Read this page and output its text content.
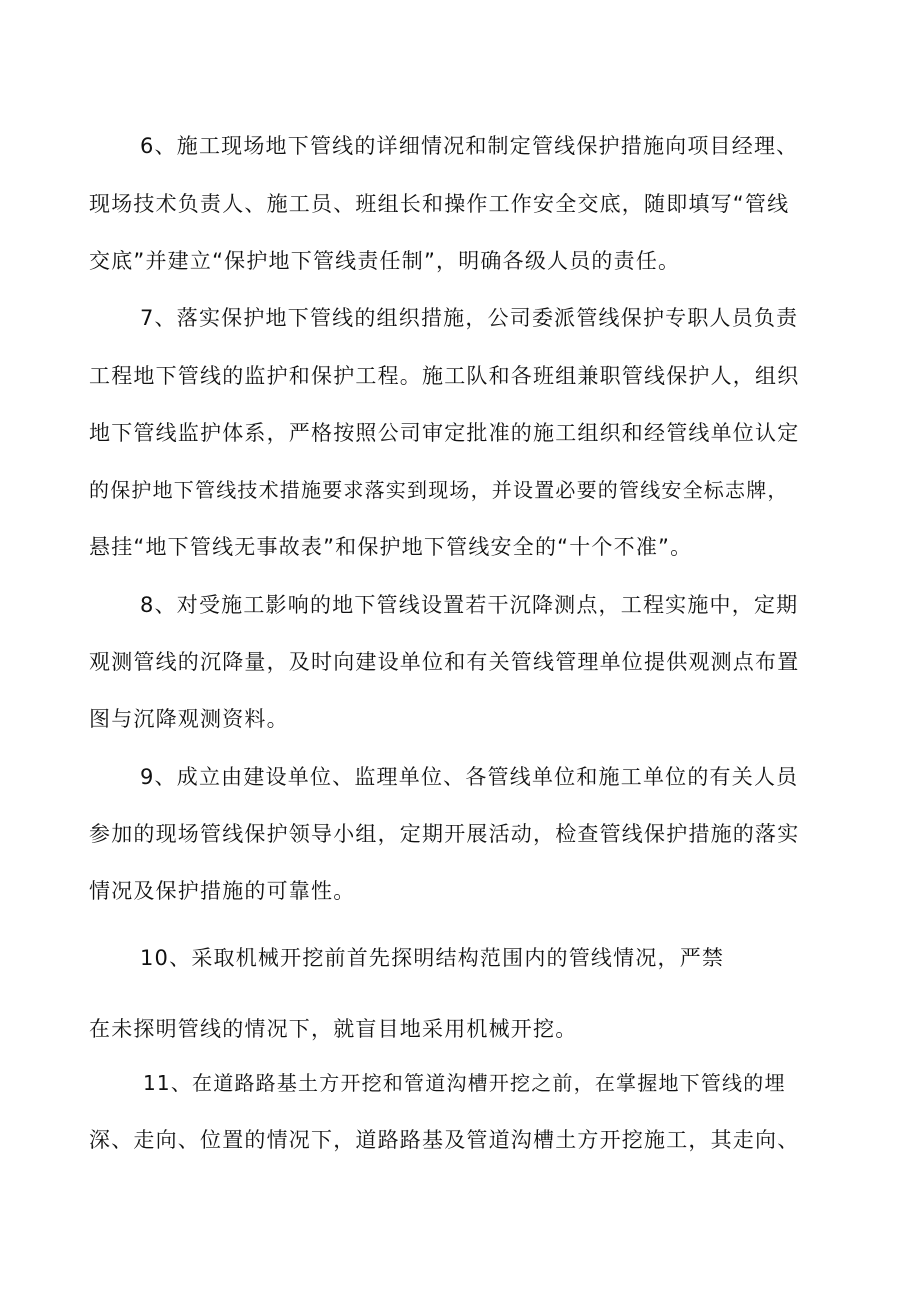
6、施工现场地下管线的详细情况和制定管线保护措施向项目经理、
现场技术负责人、施工员、班组长和操作工作安全交底，随即填写“管线
交底”并建立“保护地下管线责任制”，明确各级人员的责任。
7、落实保护地下管线的组织措施，公司委派管线保护专职人员负责
工程地下管线的监护和保护工程。施工队和各班组兼职管线保护人，组织
地下管线监护体系，严格按照公司审定批准的施工组织和经管线单位认定
的保护地下管线技术措施要求落实到现场，并设置必要的管线安全标志牌，
悬挂“地下管线无事故表”和保护地下管线安全的“十个不准”。
8、对受施工影响的地下管线设置若干沉降测点，工程实施中，定期
观测管线的沉降量，及时向建设单位和有关管线管理单位提供观测点布置
图与沉降观测资料。
9、成立由建设单位、监理单位、各管线单位和施工单位的有关人员
参加的现场管线保护领导小组，定期开展活动，检查管线保护措施的落实
情况及保护措施的可靠性。
10、采取机械开挖前首先探明结构范围内的管线情况，严禁
在未探明管线的情况下，就盲目地采用机械开挖。
11、在道路路基土方开挖和管道沟槽开挖之前，在掌握地下管线的埋
深、走向、位置的情况下，道路路基及管道沟槽土方开挖施工，其走向、
